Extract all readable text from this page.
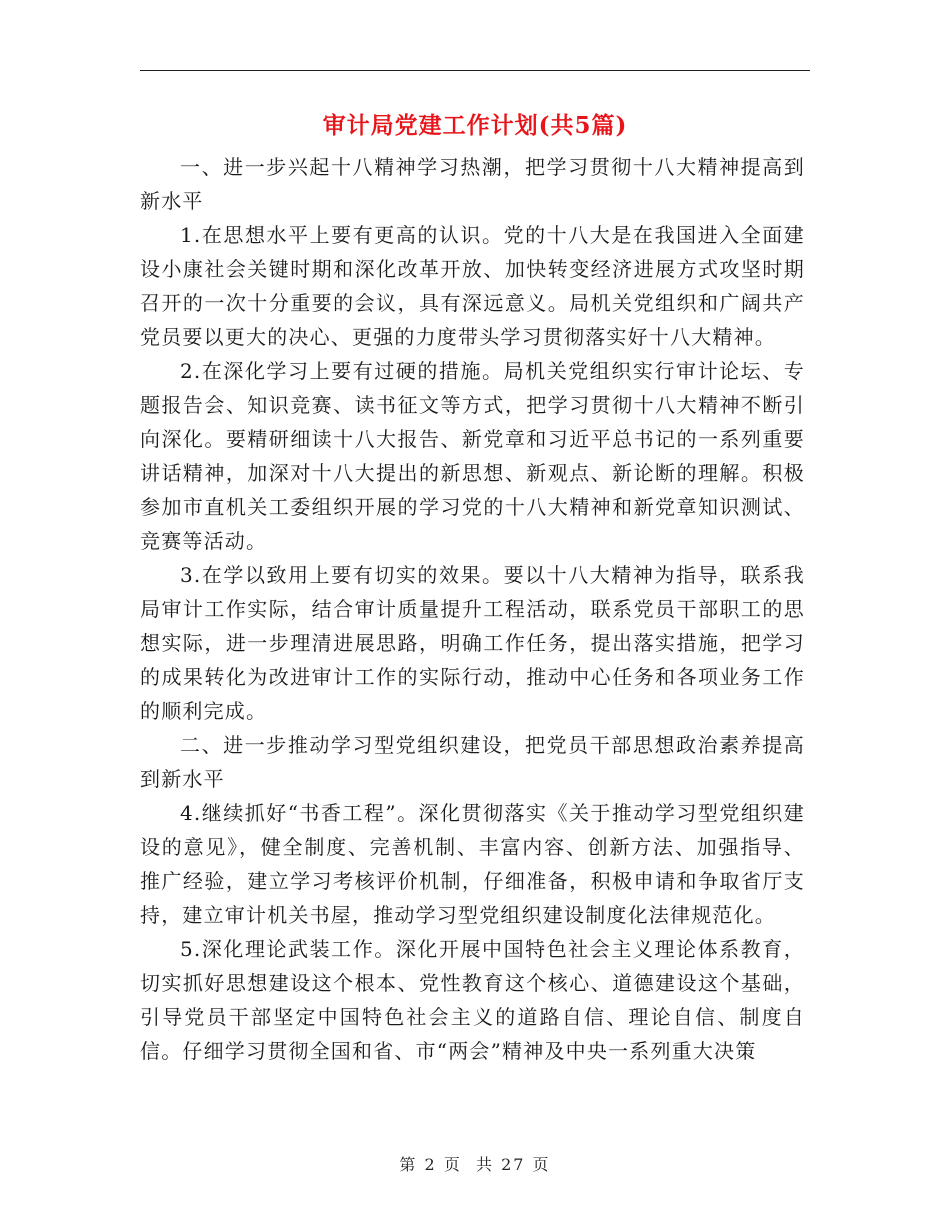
审计局党建工作计划(共5篇)

一、进一步兴起十八精神学习热潮，把学习贯彻十八大精神提高到新水平

1.在思想水平上要有更高的认识。党的十八大是在我国进入全面建设小康社会关键时期和深化改革开放、加快转变经济进展方式攻坚时期召开的一次十分重要的会议，具有深远意义。局机关党组织和广阔共产党员要以更大的决心、更强的力度带头学习贯彻落实好十八大精神。

2.在深化学习上要有过硬的措施。局机关党组织实行审计论坛、专题报告会、知识竞赛、读书征文等方式，把学习贯彻十八大精神不断引向深化。要精研细读十八大报告、新党章和习近平总书记的一系列重要讲话精神，加深对十八大提出的新思想、新观点、新论断的理解。积极参加市直机关工委组织开展的学习党的十八大精神和新党章知识测试、竞赛等活动。

3.在学以致用上要有切实的效果。要以十八大精神为指导，联系我局审计工作实际，结合审计质量提升工程活动，联系党员干部职工的思想实际，进一步理清进展思路，明确工作任务，提出落实措施，把学习的成果转化为改进审计工作的实际行动，推动中心任务和各项业务工作的顺利完成。

二、进一步推动学习型党组织建设，把党员干部思想政治素养提高到新水平

4.继续抓好“书香工程”。深化贯彻落实《关于推动学习型党组织建设的意见》，健全制度、完善机制、丰富内容、创新方法、加强指导、推广经验，建立学习考核评价机制，仔细准备，积极申请和争取省厅支持，建立审计机关书屋，推动学习型党组织建设制度化法律规范化。

5.深化理论武装工作。深化开展中国特色社会主义理论体系教育，切实抓好思想建设这个根本、党性教育这个核心、道德建设这个基础，引导党员干部坚定中国特色社会主义的道路自信、理论自信、制度自信。仔细学习贯彻全国和省、市“两会”精神及中央一系列重大决策

第 2 页  共 27 页
